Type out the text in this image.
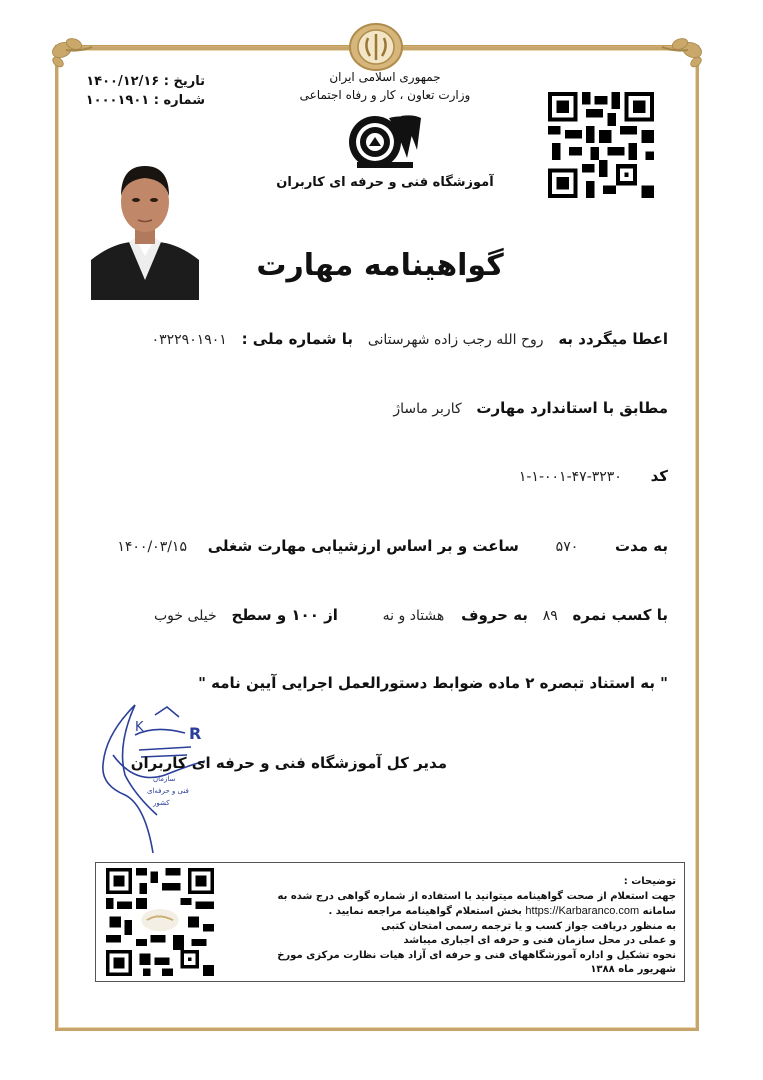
تاریخ : ۱۴۰۰/۱۲/۱۶
شماره : ۱۰۰۰۱۹۰۱
جمهوری اسلامی ایران
وزارت تعاون ، کار و رفاه اجتماعی
آموزشگاه فنی و حرفه ای کاربران
گواهینامه مهارت
اعطا میگردد به روح الله رجب زاده شهرستانی با شماره ملی : ۰۳۲۲۹۰۱۹۰۱
مطابق با استاندارد مهارت کاربر ماساژ
کد ۳۲۳۰-۴۷-۰۰۱-۱-۱
به مدت ۵۷۰ ساعت و بر اساس ارزشیابی مهارت شغلی ۱۴۰۰/۰۳/۱۵
با کسب نمره ۸۹ به حروف هشتاد و نه از ۱۰۰ و سطح خیلی خوب
" به استناد تبصره ۲ ماده ضوابط دستورالعمل اجرایی آیین نامه "
R
K
سازمان
فنی و حرفه‌ای
کشور
مدیر کل آموزشگاه فنی و حرفه ای کاربران
توضیحات :
جهت استعلام از صحت گواهینامه میتوانید با استفاده از شماره گواهی درج شده به
سامانه https://Karbaranco.com بخش استعلام گواهینامه مراجعه نمایید .
به منظور دریافت جواز کسب و یا ترجمه رسمی امتحان کتبی
و عملی در محل سازمان فنی و حرفه ای اجباری میباشد
نحوه تشکیل و اداره آموزشگاههای فنی و حرفه ای آزاد هیات نظارت مرکزی مورخ شهریور ماه ۱۳۸۸
